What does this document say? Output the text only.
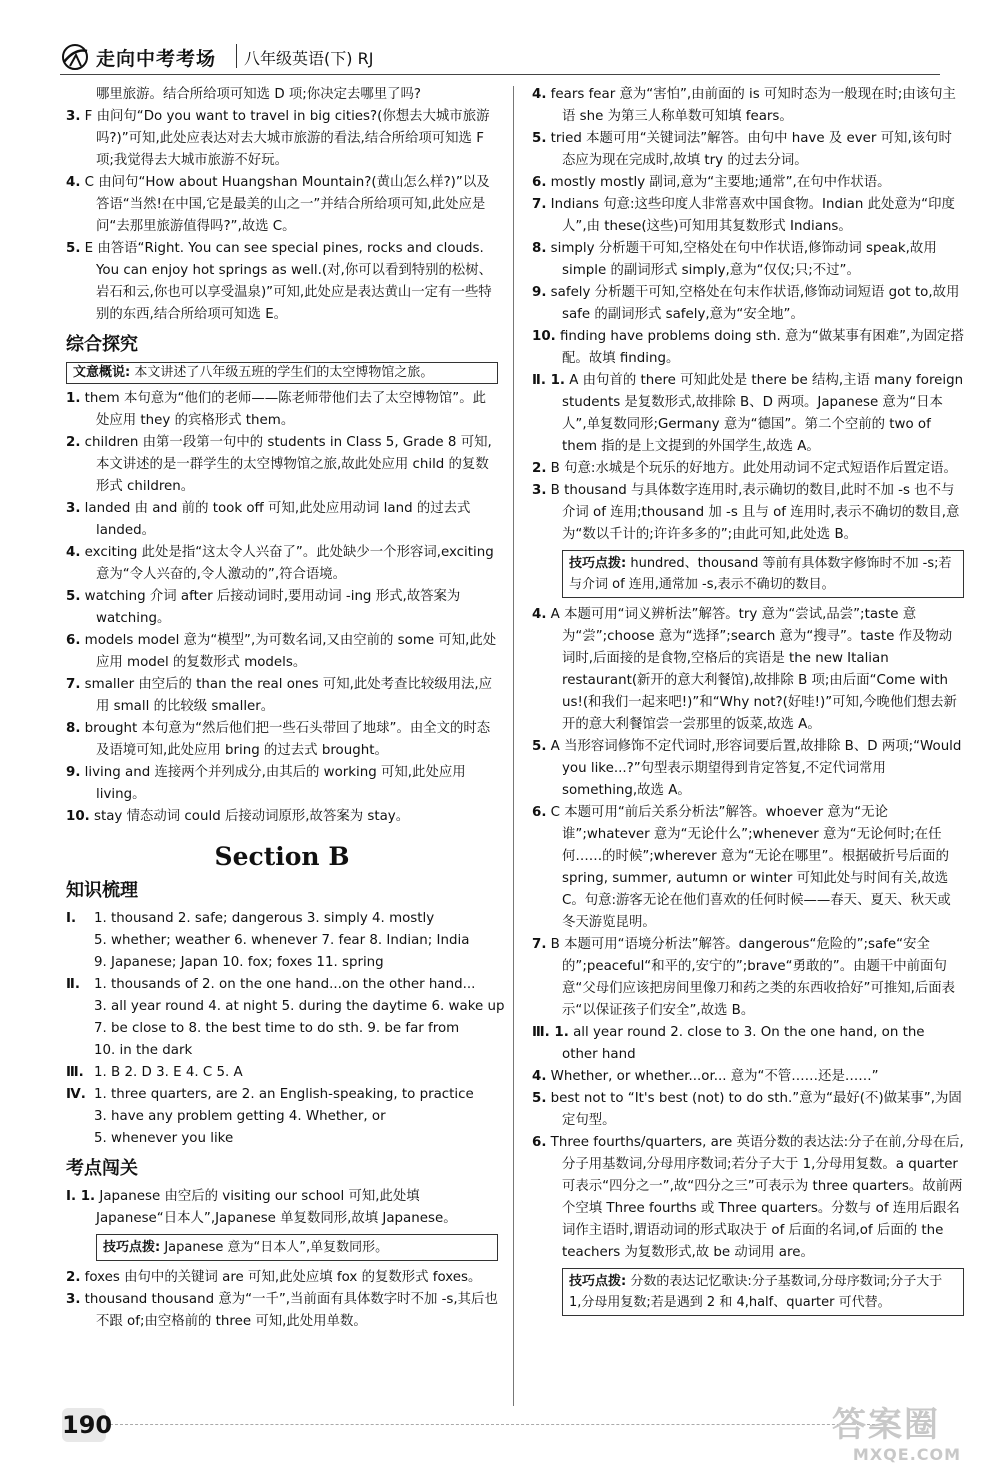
走向中考考场 八年级英语(下) RJ

哪里旅游。结合所给项可知选 D 项;你决定去哪里了吗?

3. F 由问句“Do you want to travel in big cities?(你想去大城市旅游吗?)”可知,此处应表达对去大城市旅游的看法,结合所给项可知选 F 项;我觉得去大城市旅游不好玩。

4. C 由问句“How about Huangshan Mountain?(黄山怎么样?)”以及答语“当然!在中国,它是最美的山之一”并结合所给项可知,此处应是问“去那里旅游值得吗?”,故选 C。

5. E 由答语“Right. You can see special pines, rocks and clouds. You can enjoy hot springs as well.(对,你可以看到特别的松树、岩石和云,你也可以享受温泉)”可知,此处应是表达黄山一定有一些特别的东西,结合所给项可知选 E。

综合探究
文意概说: 本文讲述了八年级五班的学生们的太空博物馆之旅。

1. them 本句意为“他们的老师——陈老师带他们去了太空博物馆”。此处应用 they 的宾格形式 them。

2. children 由第一段第一句中的 students in Class 5, Grade 8 可知,本文讲述的是一群学生的太空博物馆之旅,故此处应用 child 的复数形式 children。

3. landed 由 and 前的 took off 可知,此处应用动词 land 的过去式 landed。

4. exciting 此处是指“这太令人兴奋了”。此处缺少一个形容词,exciting 意为“令人兴奋的,令人激动的”,符合语境。

5. watching 介词 after 后接动词时,要用动词 -ing 形式,故答案为 watching。

6. models model 意为“模型”,为可数名词,又由空前的 some 可知,此处应用 model 的复数形式 models。

7. smaller 由空后的 than the real ones 可知,此处考查比较级用法,应用 small 的比较级 smaller。

8. brought 本句意为“然后他们把一些石头带回了地球”。由全文的时态及语境可知,此处应用 bring 的过去式 brought。

9. living and 连接两个并列成分,由其后的 working 可知,此处应用 living。

10. stay 情态动词 could 后接动词原形,故答案为 stay。

Section B
知识梳理
Ⅰ. 1. thousand 2. safe; dangerous 3. simply 4. mostly
5. whether; weather 6. whenever 7. fear 8. Indian; India
9. Japanese; Japan 10. fox; foxes 11. spring
Ⅱ. 1. thousands of 2. on the one hand...on the other hand...
3. all year round 4. at night 5. during the daytime 6. wake up
7. be close to 8. the best time to do sth. 9. be far from
10. in the dark
Ⅲ. 1. B 2. D 3. E 4. C 5. A
Ⅳ. 1. three quarters, are 2. an English-speaking, to practice
3. have any problem getting 4. Whether, or
5. whenever you like
考点闯关

Ⅰ. 1. Japanese 由空后的 visiting our school 可知,此处填 Japanese“日本人”,Japanese 单复数同形,故填 Japanese。

技巧点拨: Japanese 意为“日本人”,单复数同形。

2. foxes 由句中的关键词 are 可知,此处应填 fox 的复数形式 foxes。

3. thousand thousand 意为“一千”,当前面有具体数字时不加 -s,其后也不跟 of;由空格前的 three 可知,此处用单数。

4. fears fear 意为“害怕”,由前面的 is 可知时态为一般现在时;由该句主语 she 为第三人称单数可知填 fears。

5. tried 本题可用“关键词法”解答。由句中 have 及 ever 可知,该句时态应为现在完成时,故填 try 的过去分词。

6. mostly mostly 副词,意为“主要地;通常”,在句中作状语。

7. Indians 句意:这些印度人非常喜欢中国食物。Indian 此处意为“印度人”,由 these(这些)可知用其复数形式 Indians。

8. simply 分析题干可知,空格处在句中作状语,修饰动词 speak,故用 simple 的副词形式 simply,意为“仅仅;只;不过”。

9. safely 分析题干可知,空格处在句末作状语,修饰动词短语 got to,故用 safe 的副词形式 safely,意为“安全地”。

10. finding have problems doing sth. 意为“做某事有困难”,为固定搭配。故填 finding。

Ⅱ. 1. A 由句首的 there 可知此处是 there be 结构,主语 many foreign students 是复数形式,故排除 B、D 两项。Japanese 意为“日本人”,单复数同形;Germany 意为“德国”。第二个空前的 two of them 指的是上文提到的外国学生,故选 A。

2. B 句意:水城是个玩乐的好地方。此处用动词不定式短语作后置定语。

3. B thousand 与具体数字连用时,表示确切的数目,此时不加 -s 也不与介词 of 连用;thousand 加 -s 且与 of 连用时,表示不确切的数目,意为“数以千计的;许许多多的”;由此可知,此处选 B。

技巧点拨: hundred、thousand 等前有具体数字修饰时不加 -s;若与介词 of 连用,通常加 -s,表示不确切的数目。

4. A 本题可用“词义辨析法”解答。try 意为“尝试,品尝”;taste 意为“尝”;choose 意为“选择”;search 意为“搜寻”。taste 作及物动词时,后面接的是食物,空格后的宾语是 the new Italian restaurant(新开的意大利餐馆),故排除 B 项;由后面“Come with us!(和我们一起来吧!)”和“Why not?(好哇!)”可知,今晚他们想去新开的意大利餐馆尝一尝那里的饭菜,故选 A。

5. A 当形容词修饰不定代词时,形容词要后置,故排除 B、D 两项;“Would you like...?”句型表示期望得到肯定答复,不定代词常用 something,故选 A。

6. C 本题可用“前后关系分析法”解答。whoever 意为“无论谁”;whatever 意为“无论什么”;whenever 意为“无论何时;在任何……的时候”;wherever 意为“无论在哪里”。根据破折号后面的 spring, summer, autumn or winter 可知此处与时间有关,故选 C。句意:游客无论在他们喜欢的任何时候——春天、夏天、秋天或冬天游览昆明。

7. B 本题可用“语境分析法”解答。dangerous“危险的”;safe“安全的”;peaceful“和平的,安宁的”;brave“勇敢的”。由题干中前面句意“父母们应该把房间里像刀和药之类的东西收拾好”可推知,后面表示“以保证孩子们安全”,故选 B。

Ⅲ. 1. all year round 2. close to 3. On the one hand, on the other hand

4. Whether, or whether...or... 意为“不管……还是……”

5. best not to “It's best (not) to do sth.”意为“最好(不)做某事”,为固定句型。

6. Three fourths/quarters, are 英语分数的表达法:分子在前,分母在后,分子用基数词,分母用序数词;若分子大于 1,分母用复数。a quarter 可表示“四分之一”,故“四分之三”可表示为 three quarters。故前两个空填 Three fourths 或 Three quarters。分数与 of 连用后跟名词作主语时,谓语动词的形式取决于 of 后面的名词,of 后面的 the teachers 为复数形式,故 be 动词用 are。

技巧点拨: 分数的表达记忆歌诀:分子基数词,分母序数词;分子大于 1,分母用复数;若是遇到 2 和 4,half、quarter 可代替。
190	答案圈
MXQE.COM
